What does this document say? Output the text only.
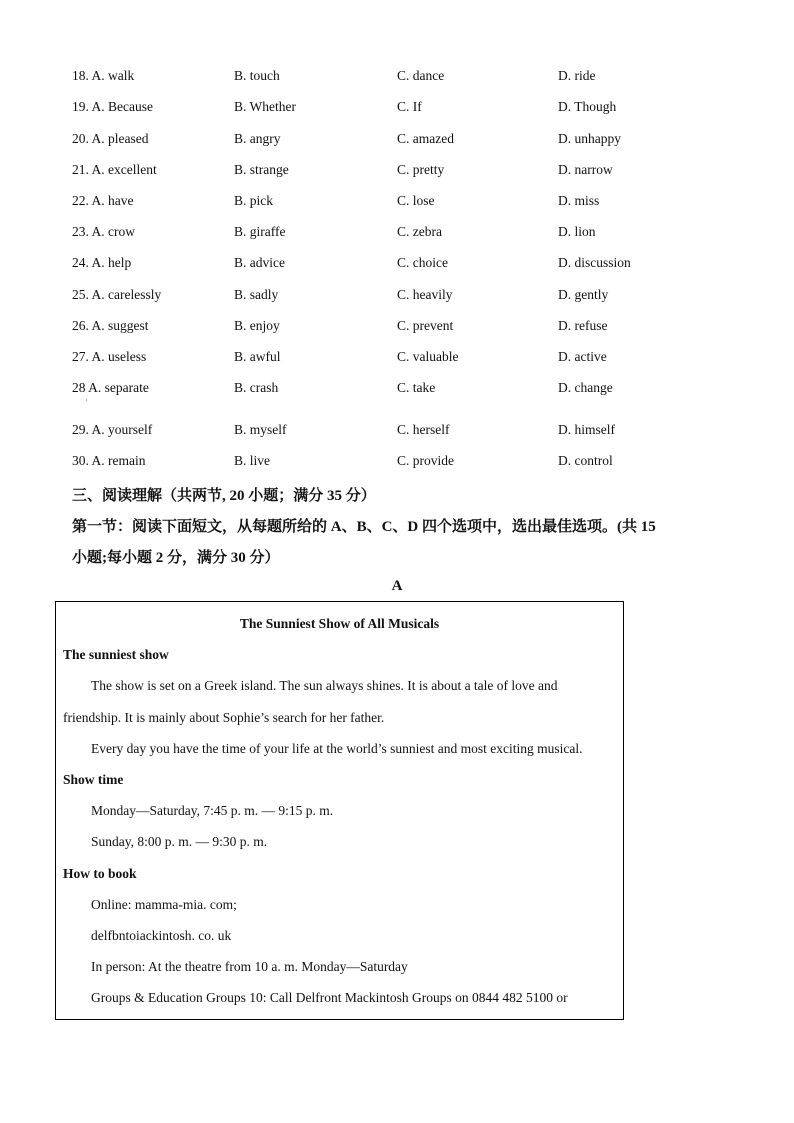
18. A. walk	B. touch	C. dance	D. ride
19. A. Because	B. Whether	C. If	D. Though
20. A. pleased	B. angry	C. amazed	D. unhappy
21. A. excellent	B. strange	C. pretty	D. narrow
22. A. have	B. pick	C. lose	D. miss
23. A. crow	B. giraffe	C. zebra	D. lion
24. A. help	B. advice	C. choice	D. discussion
25. A. carelessly	B. sadly	C. heavily	D. gently
26. A. suggest	B. enjoy	C. prevent	D. refuse
27. A. useless	B. awful	C. valuable	D. active
28 A. separate	B. crash	C. take	D. change
·
29. A. yourself	B. myself	C. herself	D. himself
30. A. remain	B. live	C. provide	D. control
三、阅读理解（共两节, 20 小题；满分 35 分）
第一节：阅读下面短文，从每题所给的 A、B、C、D 四个选项中，选出最佳选项。(共 15
小题;每小题 2 分，满分 30 分）
A
The Sunniest Show of All Musicals
The sunniest show
The show is set on a Greek island. The sun always shines. It is about a tale of love and
friendship. It is mainly about Sophie’s search for her father.
Every day you have the time of your life at the world’s sunniest and most exciting musical.
Show time
Monday—Saturday, 7:45 p. m. — 9:15 p. m.
Sunday, 8:00 p. m. — 9:30 p. m.
How to book
Online: mamma-mia. com;
delfbntoiackintosh. co. uk
In person: At the theatre from 10 a. m. Monday—Saturday
Groups & Education Groups 10: Call Delfront Mackintosh Groups on 0844 482 5100 or
